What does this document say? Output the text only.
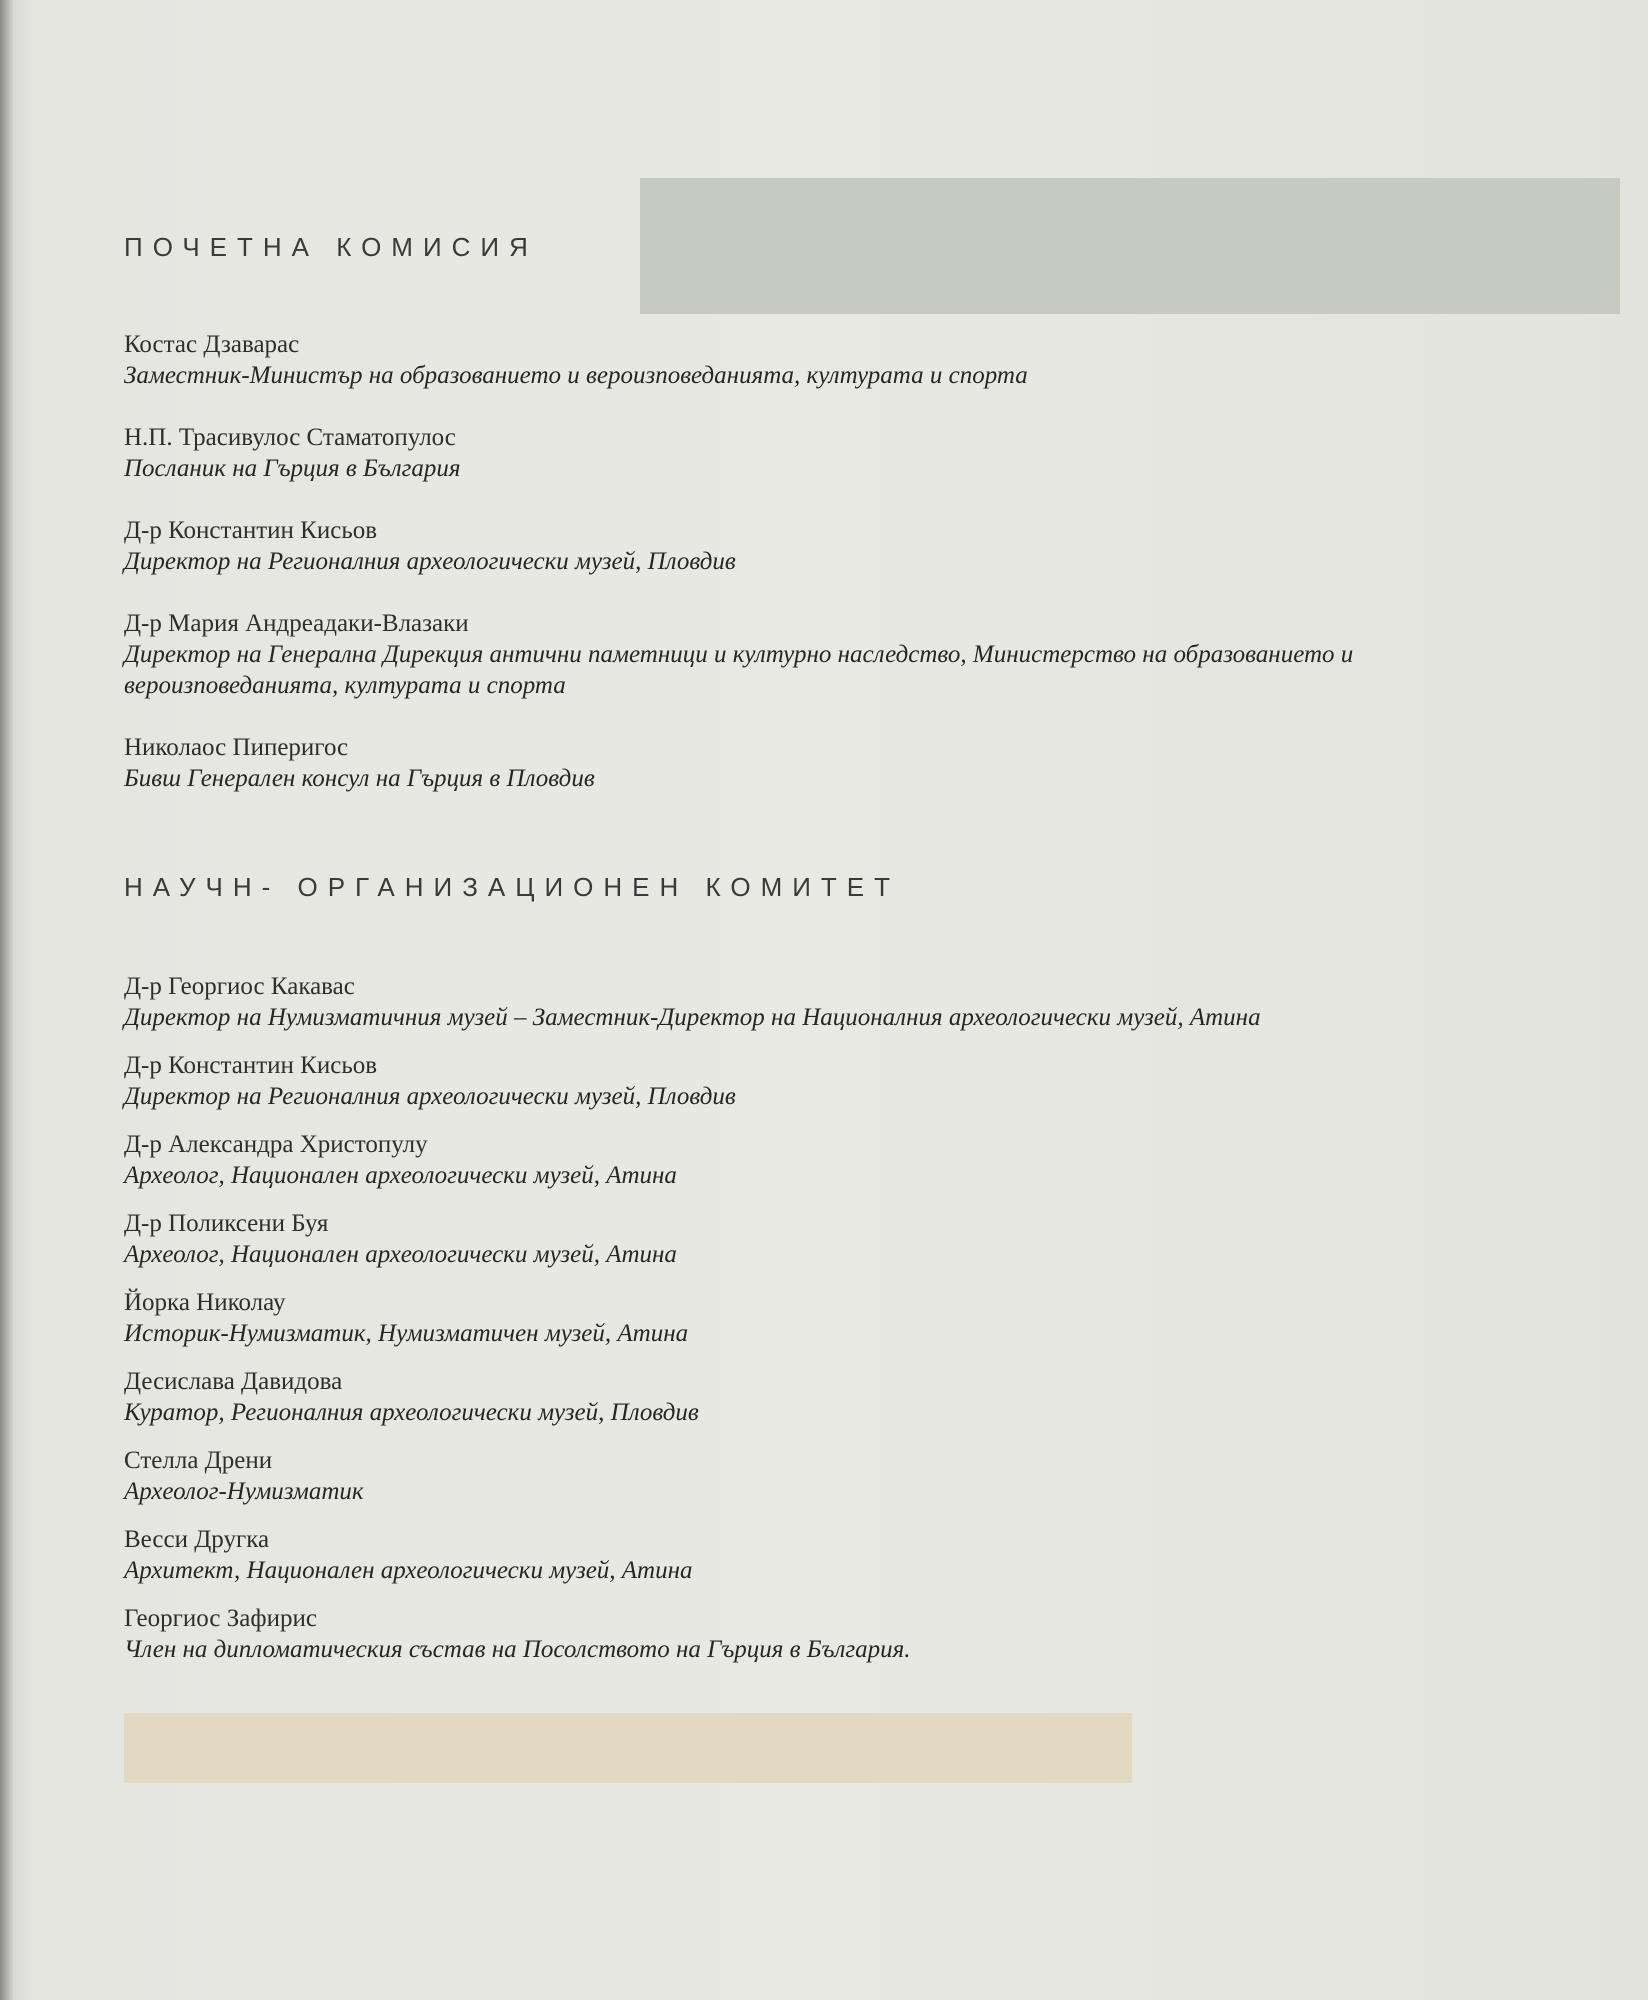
ПОЧЕТНА КОМИСИЯ

Костас Дзаварас
Заместник-Министър на образованието и вероизповеданията, културата и спорта

Н.П. Трасивулос Стаматопулос
Посланик на Гърция в България

Д-р Константин Кисьов
Директор на Регионалния археологически музей, Пловдив

Д-р Мария Андреадаки-Влазаки
Директор на Генерална Дирекция антични паметници и културно наследство, Министерсmво на образованието и вероизповеданията, културата и спорта

Николаос Пиперигос
Бивш Генерален консул на Гърция в Пловдив

НАУЧН- ОРГАНИЗАЦИОНЕН КОМИТЕТ

Д-р Георгиос Какавас
Директор на Нумизматичния музей – Заместник-Директор на Националния археологически музей, Атина

Д-р Константин Кисьов
Директор на Регионалния археологически музей, Пловдив

Д-р Александра Христопулу
Археолог, Национален археологически музей, Атина

Д-р Поликсени Буя
Археолог, Национален археологически музей, Атина

Йорка Николау
Историк-Нумизматик, Нумизматичен музей, Атина

Десислава Давидова
Куратор, Регионалния археологически музей, Пловдив

Стелла Дрени
Археолог-Нумизматик

Весси Другка
Архитект, Национален археологически музей, Атина

Георгиос Зафирис
Член на дипломатическия състав на Посолството на Гърция в България.
